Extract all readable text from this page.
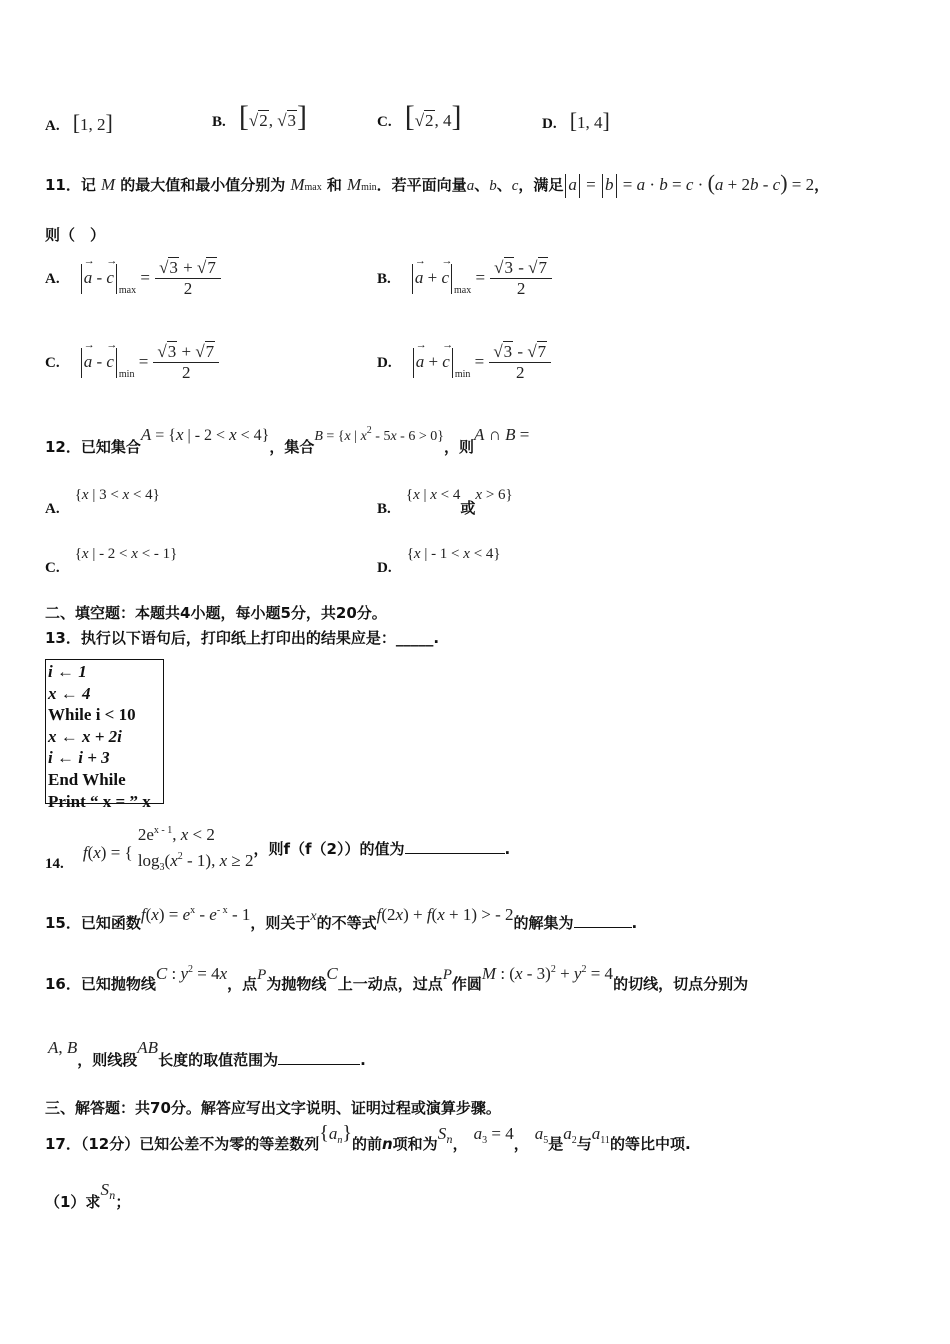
A. [1, 2]	B. [√2, √3]	C. [√2, 4]	D. [1, 4]
11．记 M 的最大值和最小值分别为 Mmax 和 Mmin．若平面向量a、b、c，满足 a = b = a · b = c · (a + 2b - c) = 2，
则（　）
A. → a - → $c_{max} = \frac{√3 + √7}{2}$	B. → a + → $c_{max} = \frac{√3 - √7}{2}$
C. → a - → $c_{min} = \frac{√3 + √7}{2}$	D. → a + → $c_{min} = \frac{√3 - √7}{2}$
12．已知集合A = {x | - 2 < x < 4}，集合B = {x | $x^2 - 5x - 6 > 0$}，则A ∩ B =
A. {x | 3 < x < 4}
B. {x | x < 4或x > 6}
C. {x | - 2 < x < - 1}
D. {x | - 1 < x < 4}
二、填空题：本题共4小题，每小题5分，共20分。
13．执行以下语句后，打印纸上打印出的结果应是：_____.
i ← 1
x ← 4
While i < 10
x ← x + 2i
i ← i + 3
End While
Print “ x = ” x
14. f(x) = {
$2e^{x - 1}$, x < 2
$\log_3(x^2 - 1)$, x ≥ 2
，则f（f（2））的值为	.
15．已知函数$f(x) = e^x - e^{- x} - 1$，则关于x的不等式f(2x) + f(x + 1) > - 2的解集为	.
16．已知抛物线C : $y^2 = 4x$，点P为抛物线C上一动点，过点P作圆M : $(x - 3)^2 + y^2 = 4$的切线，切点分别为
A, B，则线段AB长度的取值范围为	.
三、解答题：共70分。解答应写出文字说明、证明过程或演算步骤。
17．（12分）已知公差不为零的等差数列$\{a_n\}$的前n项和为$S_n$，$a_3 = 4$，$a_5$是$a_2$与$a_{11}$的等比中项.
（1）求$S_n$；
